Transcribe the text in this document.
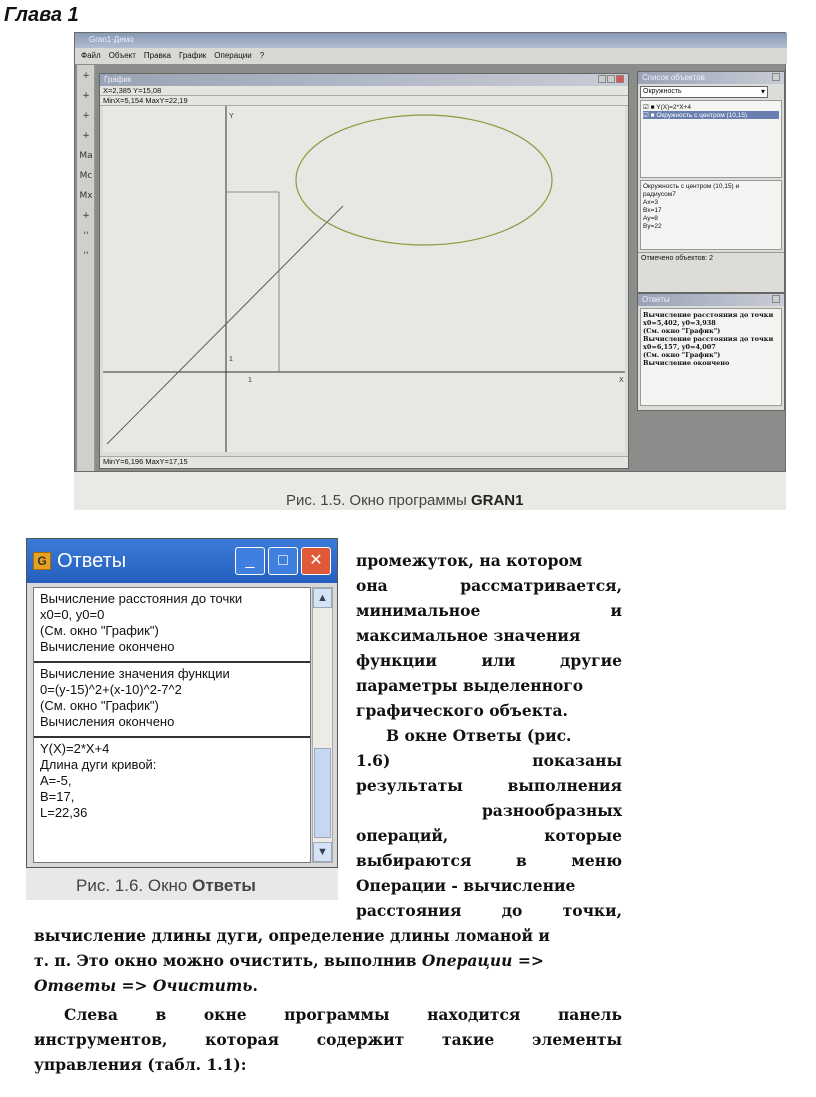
Глава 1
Gran1-Демо
Файл Объект Правка График Операции ?
+
+
+
+
Ma
Mc
Mx
+
''
''
График
X=2,385 Y=15,08
MinX=5,154 MaxY=22,19
Y
X
1
1
MinY=6,196 MaxY=17,15
Список объектов
Окружность ▾
☑ ■ Y(X)=2*X+4
☑ ■ Окружность с центром (10,15)
Окружность с центром (10,15) и
радиусом7
Ax=3
Bx=17
Ay=8
By=22
Отмечено объектов: 2
Ответы
Вычисление расстояния до точки
x0=5,402, y0=3,938
(См. окно "График")
Вычисление расстояния до точки
x0=6,157, y0=4,007
(См. окно "График")
Вычисление окончено
Рис. 1.5. Окно программы GRAN1
G Ответы	_	□	✕
Вычисление расстояния до точки
x0=0, y0=0
(См. окно "График")
Вычисление окончено
Вычисление значения функции
0=(y-15)^2+(x-10)^2-7^2
(См. окно "График")
Вычисления окончено
Y(X)=2*X+4
Длина дуги кривой:
A=-5,
B=17,
L=22,36
▲
▼
Рис. 1.6. Окно Ответы
промежуток, на котором
она рассматривается,
минимальное и
максимальное значения
функции или другие
параметры выделенного
графического объекта.
В окне Ответы (рис.
1.6) показаны
результаты выполнения
разнообразных
операций, которые
выбираются в меню
Операции - вычисление
расстояния до точки,
вычисление длины дуги, определение длины ломаной и
т. п. Это окно можно очистить, выполнив Операции =>
Ответы => Очистить.
Слева в окне программы находится панель
инструментов, которая содержит такие элементы
управления (табл. 1.1):
